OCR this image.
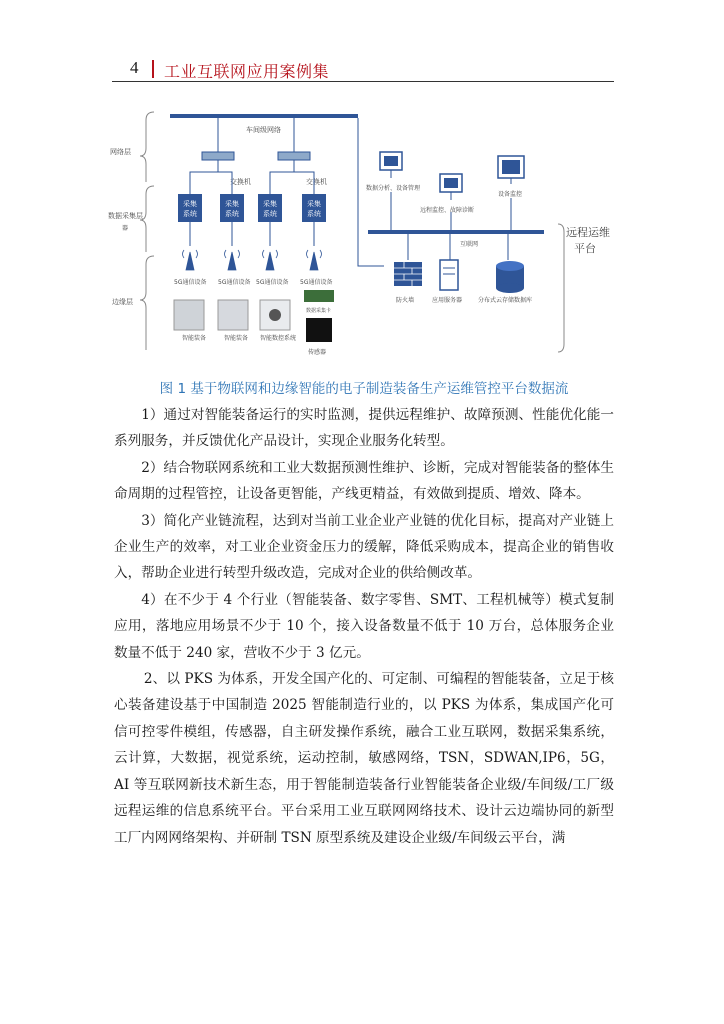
4 工业互联网应用案例集
网络层
数据采集层
器
边缘层
车间级网络
交换机	交换机
采集
系统
采集
系统
采集
系统
采集
系统
5G通信设备 5G通信设备 5G通信设备 5G通信设备
数据采集卡
智能装备	智能装备 智能数控系统
传感器
远程运维
平台
数据分析、设备管理
远程监控、故障诊断
设备监控
互联网
防火墙	应用服务器	分布式云存储数据库
图 1 基于物联网和边缘智能的电子制造装备生产运维管控平台数据流

1）通过对智能装备运行的实时监测，提供远程维护、故障预测、性能优化能一系列服务，并反馈优化产品设计，实现企业服务化转型。

2）结合物联网系统和工业大数据预测性维护、诊断，完成对智能装备的整体生命周期的过程管控，让设备更智能，产线更精益，有效做到提质、增效、降本。

3）简化产业链流程，达到对当前工业企业产业链的优化目标，提高对产业链上企业生产的效率，对工业企业资金压力的缓解，降低采购成本，提高企业的销售收入，帮助企业进行转型升级改造，完成对企业的供给侧改革。

4）在不少于 4 个行业（智能装备、数字零售、SMT、工程机械等）模式复制应用，落地应用场景不少于 10 个，接入设备数量不低于 10 万台，总体服务企业数量不低于 240 家，营收不少于 3 亿元。

2、以 PKS 为体系，开发全国产化的、可定制、可编程的智能装备，立足于核心装备建设基于中国制造 2025 智能制造行业的，以 PKS 为体系，集成国产化可信可控零件模组，传感器，自主研发操作系统，融合工业互联网，数据采集系统，云计算，大数据，视觉系统，运动控制，敏感网络，TSN，SDWAN,IP6，5G，AI 等互联网新技术新生态，用于智能制造装备行业智能装备企业级/车间级/工厂级远程运维的信息系统平台。平台采用工业互联网网络技术、设计云边端协同的新型工厂内网网络架构、并研制 TSN 原型系统及建设企业级/车间级云平台，满
